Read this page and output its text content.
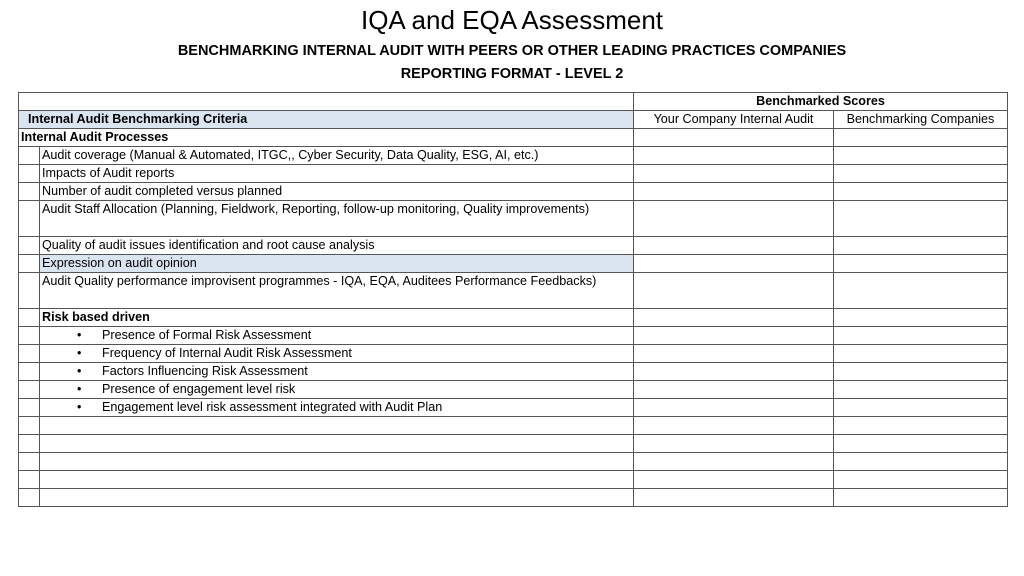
IQA and EQA Assessment
BENCHMARKING INTERNAL AUDIT WITH PEERS OR OTHER LEADING PRACTICES COMPANIES
REPORTING FORMAT - LEVEL 2
		Benchmarked Scores	
Internal Audit Benchmarking Criteria		Your Company Internal Audit	Benchmarking Companies
Internal Audit Processes			
	Audit coverage (Manual & Automated, ITGC,, Cyber Security, Data Quality, ESG, AI, etc.)		
	Impacts of Audit reports		
	Number of audit completed versus planned		
	Audit Staff Allocation (Planning, Fieldwork, Reporting, follow-up monitoring, Quality improvements)		
	Quality of audit issues identification and root cause analysis		
	Expression on audit opinion		
	Audit Quality performance improvisent programmes - IQA, EQA, Auditees Performance Feedbacks)		
	Risk based driven		
	• Presence of Formal Risk Assessment		
	• Frequency of Internal Audit Risk Assessment		
	• Factors Influencing Risk Assessment		
	• Presence of engagement level risk		
	• Engagement level risk assessment integrated with Audit Plan		
